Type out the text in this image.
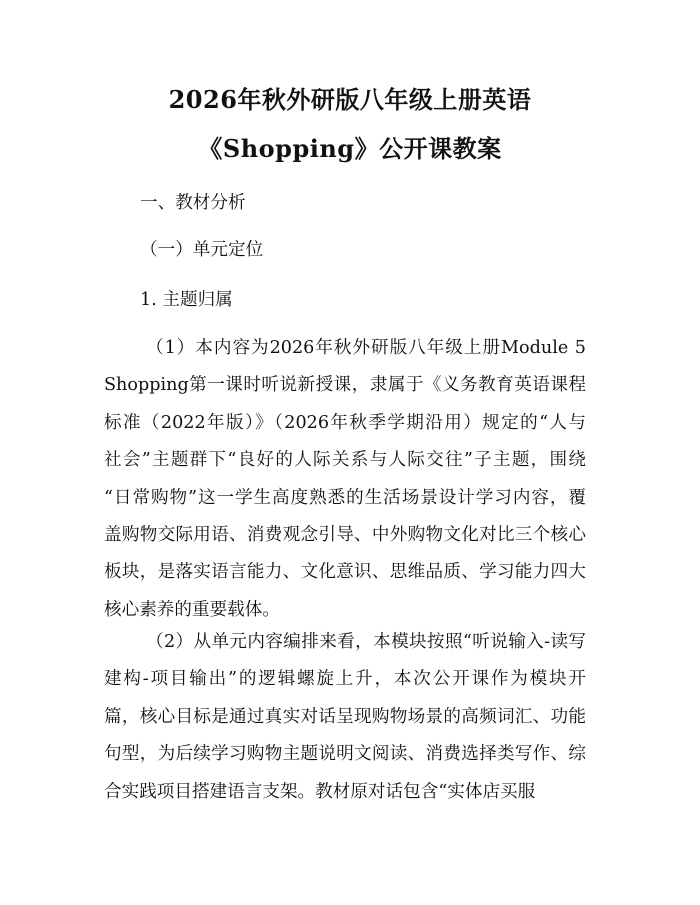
2026年秋外研版八年级上册英语
《Shopping》公开课教案
一、教材分析
（一）单元定位
1. 主题归属
（1）本内容为2026年秋外研版八年级上册Module 5
Shopping第一课时听说新授课，隶属于《义务教育英语课程
标准（2022年版）》（2026年秋季学期沿用）规定的“人与
社会”主题群下“良好的人际关系与人际交往”子主题，围绕
“日常购物”这一学生高度熟悉的生活场景设计学习内容，覆
盖购物交际用语、消费观念引导、中外购物文化对比三个核心
板块，是落实语言能力、文化意识、思维品质、学习能力四大
核心素养的重要载体。
（2）从单元内容编排来看，本模块按照“听说输入-读写
建构-项目输出”的逻辑螺旋上升，本次公开课作为模块开
篇，核心目标是通过真实对话呈现购物场景的高频词汇、功能
句型，为后续学习购物主题说明文阅读、消费选择类写作、综
合实践项目搭建语言支架。教材原对话包含“实体店买服
